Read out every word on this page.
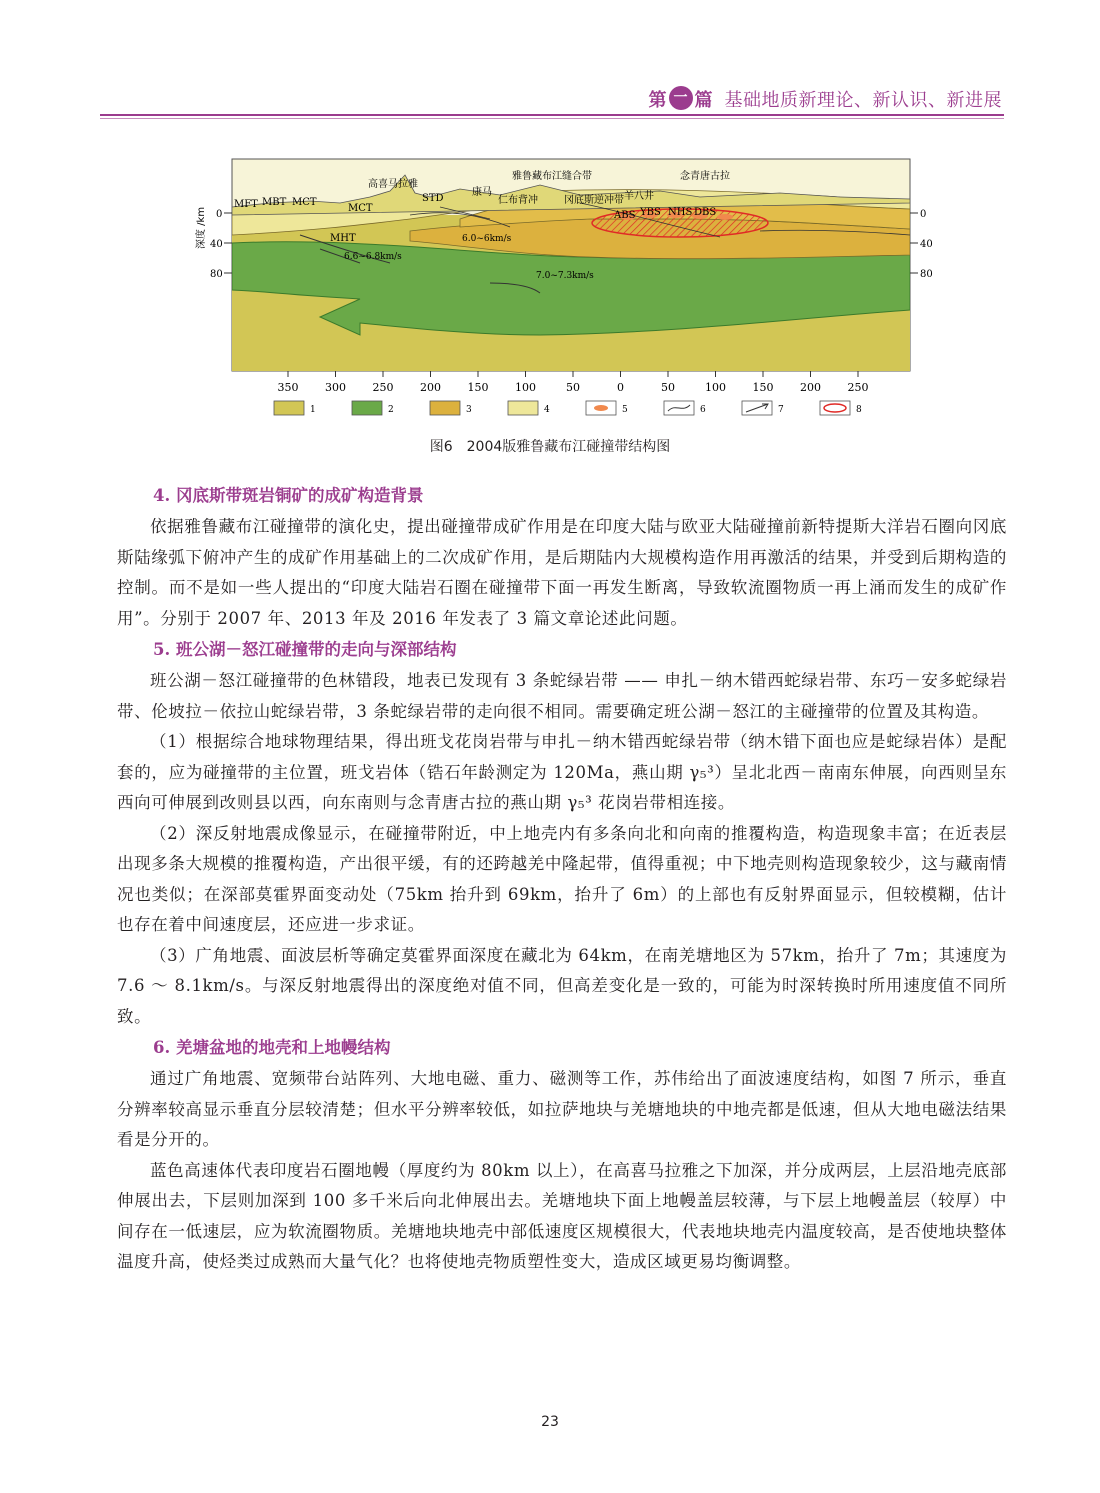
第 一 篇 基础地质新理论、新认识、新进展
MFT MBT MCT
MCT
高喜马拉雅
STD
康马
雅鲁藏布江缝合带
仁布背冲	冈底斯逆冲带
念青唐古拉
羊八井
ABS YBS NHS DBS
MHT	6.0~6km/s
6.6~6.8km/s
7.0~7.3km/s
深度 /km 0
40
80
0
40
80
350 300 250 200 150 100	50	0	50	100 150 200 250
1	2	3	4	5	6	7	8
图6　2004版雅鲁藏布江碰撞带结构图
4. 冈底斯带斑岩铜矿的成矿构造背景

依据雅鲁藏布江碰撞带的演化史，提出碰撞带成矿作用是在印度大陆与欧亚大陆碰撞前新特提斯大洋岩石圈向冈底斯陆缘弧下俯冲产生的成矿作用基础上的二次成矿作用，是后期陆内大规模构造作用再激活的结果，并受到后期构造的控制。而不是如一些人提出的“印度大陆岩石圈在碰撞带下面一再发生断离，导致软流圈物质一再上涌而发生的成矿作用”。分别于 2007 年、2013 年及 2016 年发表了 3 篇文章论述此问题。

5. 班公湖－怒江碰撞带的走向与深部结构

班公湖－怒江碰撞带的色林错段，地表已发现有 3 条蛇绿岩带 —— 申扎－纳木错西蛇绿岩带、东巧－安多蛇绿岩带、伦坡拉－依拉山蛇绿岩带，3 条蛇绿岩带的走向很不相同。需要确定班公湖－怒江的主碰撞带的位置及其构造。

（1）根据综合地球物理结果，得出班戈花岗岩带与申扎－纳木错西蛇绿岩带（纳木错下面也应是蛇绿岩体）是配套的，应为碰撞带的主位置，班戈岩体（锆石年龄测定为 120Ma，燕山期 γ₅³）呈北北西－南南东伸展，向西则呈东西向可伸展到改则县以西，向东南则与念青唐古拉的燕山期 γ₅³ 花岗岩带相连接。

（2）深反射地震成像显示，在碰撞带附近，中上地壳内有多条向北和向南的推覆构造，构造现象丰富；在近表层出现多条大规模的推覆构造，产出很平缓，有的还跨越羌中隆起带，值得重视；中下地壳则构造现象较少，这与藏南情况也类似；在深部莫霍界面变动处（75km 抬升到 69km，抬升了 6m）的上部也有反射界面显示，但较模糊，估计也存在着中间速度层，还应进一步求证。

（3）广角地震、面波层析等确定莫霍界面深度在藏北为 64km，在南羌塘地区为 57km，抬升了 7m；其速度为 7.6 ～ 8.1km/s。与深反射地震得出的深度绝对值不同，但高差变化是一致的，可能为时深转换时所用速度值不同所致。

6. 羌塘盆地的地壳和上地幔结构

通过广角地震、宽频带台站阵列、大地电磁、重力、磁测等工作，苏伟给出了面波速度结构，如图 7 所示，垂直分辨率较高显示垂直分层较清楚；但水平分辨率较低，如拉萨地块与羌塘地块的中地壳都是低速，但从大地电磁法结果看是分开的。

蓝色高速体代表印度岩石圈地幔（厚度约为 80km 以上），在高喜马拉雅之下加深，并分成两层，上层沿地壳底部伸展出去，下层则加深到 100 多千米后向北伸展出去。羌塘地块下面上地幔盖层较薄，与下层上地幔盖层（较厚）中间存在一低速层，应为软流圈物质。羌塘地块地壳中部低速度区规模很大，代表地块地壳内温度较高，是否使地块整体温度升高，使烃类过成熟而大量气化？也将使地壳物质塑性变大，造成区域更易均衡调整。

23
